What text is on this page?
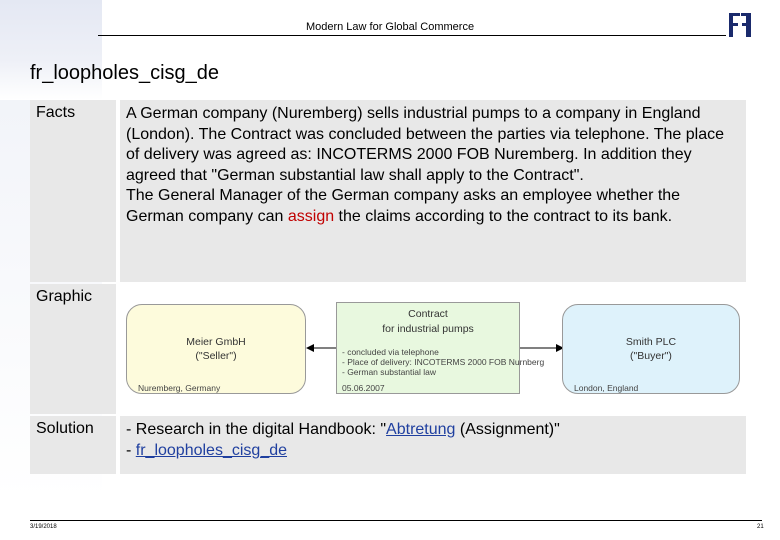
Modern Law for Global Commerce
fr_loopholes_cisg_de
Facts	A German company (Nuremberg) sells industrial pumps to a company in England (London). The Contract was concluded between the parties via telephone. The place of delivery was agreed as: INCOTERMS 2000 FOB Nuremberg. In addition they agreed that "German substantial law shall apply to the Contract".

The General Manager of the German company asks an employee whether the German company can assign the claims according to the contract to its bank.

Graphic
Meier GmbH
("Seller")
Nuremberg, Germany
Contract
for industrial pumps
- concluded via telephone
- Place of delivery: INCOTERMS 2000 FOB Nurnberg
- German substantial law
05.06.2007
Smith PLC
("Buyer")
London, England
Solution	- Research in the digital Handbook: "Abtretung (Assignment)"

- fr_loopholes_cisg_de

3/19/2018	21
